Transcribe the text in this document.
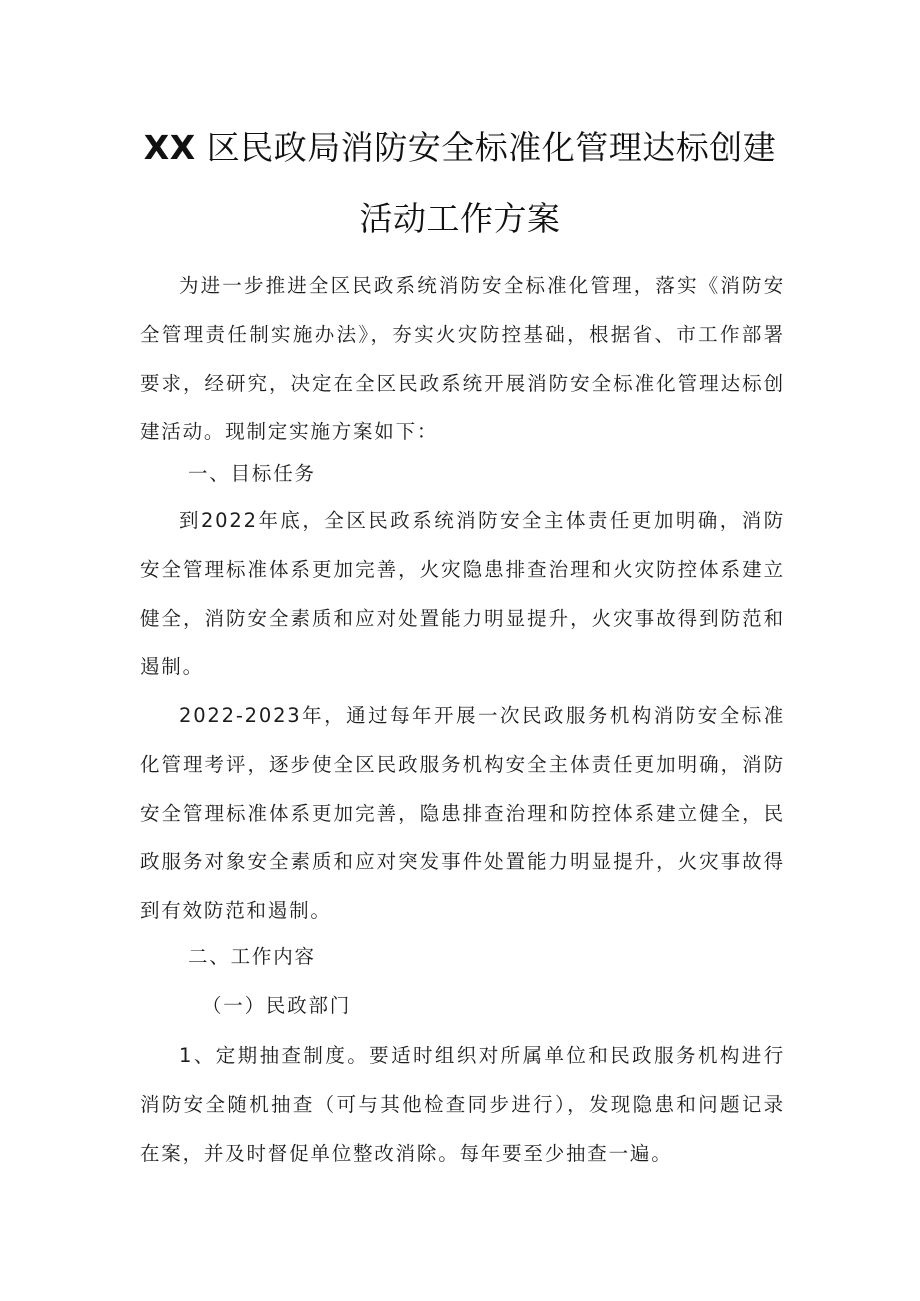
XX 区民政局消防安全标准化管理达标创建
活动工作方案

为进一步推进全区民政系统消防安全标准化管理，落实《消防安全管理责任制实施办法》，夯实火灾防控基础，根据省、市工作部署要求，经研究，决定在全区民政系统开展消防安全标准化管理达标创建活动。现制定实施方案如下：

一、目标任务

到2022年底，全区民政系统消防安全主体责任更加明确，消防安全管理标准体系更加完善，火灾隐患排查治理和火灾防控体系建立健全，消防安全素质和应对处置能力明显提升，火灾事故得到防范和遏制。

2022-2023年，通过每年开展一次民政服务机构消防安全标准化管理考评，逐步使全区民政服务机构安全主体责任更加明确，消防安全管理标准体系更加完善，隐患排查治理和防控体系建立健全，民政服务对象安全素质和应对突发事件处置能力明显提升，火灾事故得到有效防范和遏制。

二、工作内容

（一）民政部门

1、定期抽查制度。要适时组织对所属单位和民政服务机构进行消防安全随机抽查（可与其他检查同步进行），发现隐患和问题记录在案，并及时督促单位整改消除。每年要至少抽查一遍。
